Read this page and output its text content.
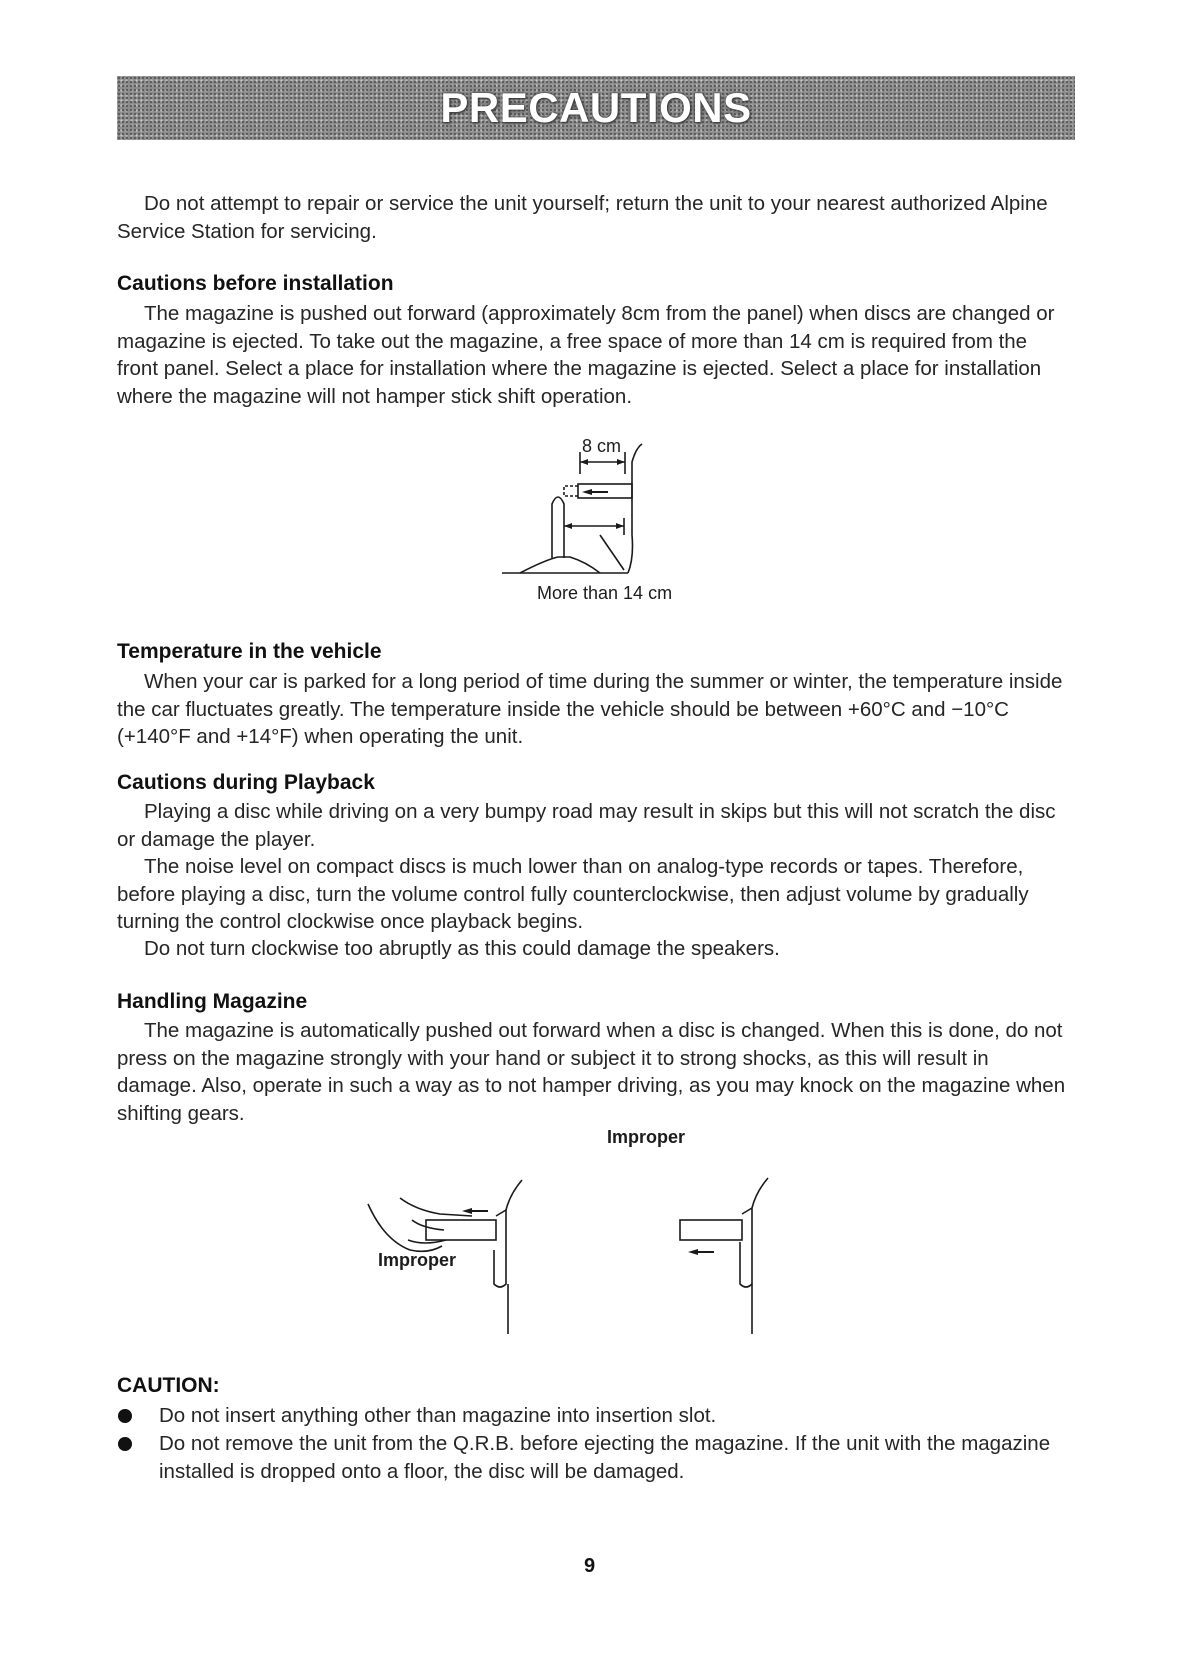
PRECAUTIONS

Do not attempt to repair or service the unit yourself; return the unit to your nearest authorized Alpine Service Station for servicing.

Cautions before installation

The magazine is pushed out forward (approximately 8cm from the panel) when discs are changed or magazine is ejected. To take out the magazine, a free space of more than 14 cm is required from the front panel. Select a place for installation where the magazine is ejected. Select a place for installation where the magazine will not hamper stick shift operation.

8 cm
More than 14 cm
Temperature in the vehicle

When your car is parked for a long period of time during the summer or winter, the temperature inside the car fluctuates greatly. The temperature inside the vehicle should be between +60°C and −10°C (+140°F and +14°F) when operating the unit.

Cautions during Playback

Playing a disc while driving on a very bumpy road may result in skips but this will not scratch the disc or damage the player.

The noise level on compact discs is much lower than on analog-type records or tapes. Therefore, before playing a disc, turn the volume control fully counterclockwise, then adjust volume by gradually turning the control clockwise once playback begins.

Do not turn clockwise too abruptly as this could damage the speakers.

Handling Magazine

The magazine is automatically pushed out forward when a disc is changed. When this is done, do not press on the magazine strongly with your hand or subject it to strong shocks, as this will result in damage. Also, operate in such a way as to not hamper driving, as you may knock on the magazine when shifting gears.

Improper
Improper
CAUTION:
Do not insert anything other than magazine into insertion slot.
Do not remove the unit from the Q.R.B. before ejecting the magazine. If the unit with the magazine installed is dropped onto a floor, the disc will be damaged.
9
